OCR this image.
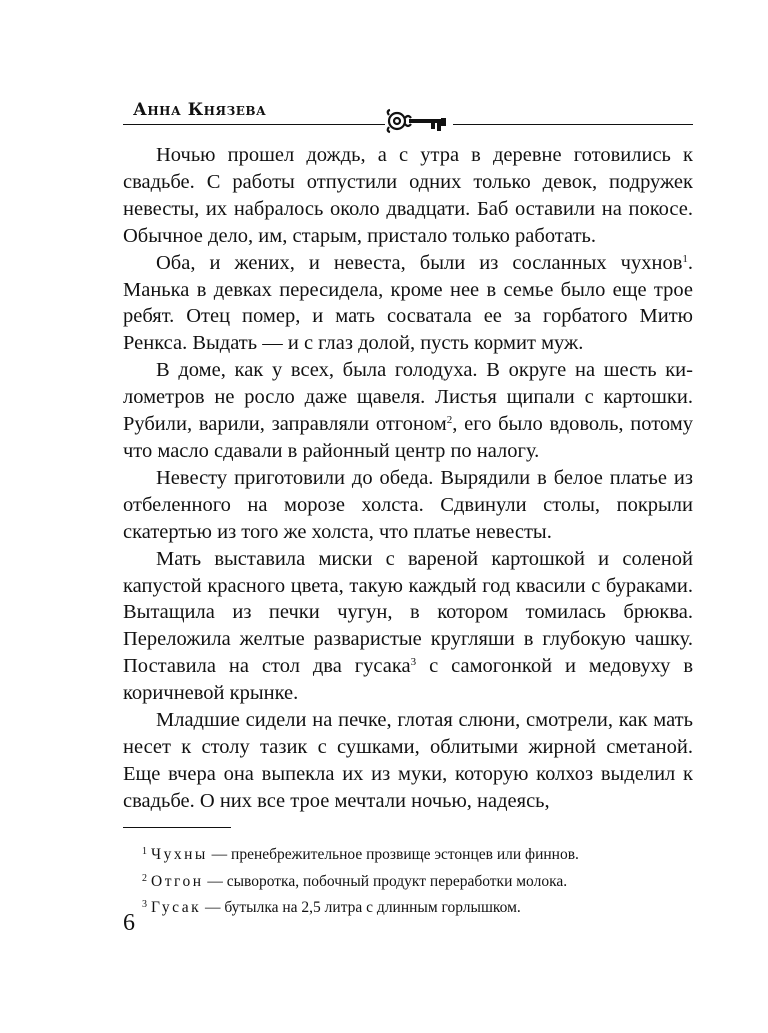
Анна Князева

Ночью прошел дождь, а с утра в деревне готовились к свадьбе. С работы отпустили одних только девок, подружек невесты, их набралось около двадцати. Баб оставили на покосе. Обычное дело, им, старым, пристало только работать.

Оба, и жених, и невеста, были из сосланных чухнов$^1$. Манька в девках пересидела, кроме нее в семье было еще трое ребят. Отец помер, и мать сосватала ее за горбатого Митю Ренкса. Выдать — и с глаз долой, пусть кормит муж.

В доме, как у всех, была голодуха. В округе на шесть километров не росло даже щавеля. Листья щипали с картошки. Рубили, варили, заправляли отгоном$^2$, его было вдоволь, потому что масло сдавали в районный центр по налогу.

Невесту приготовили до обеда. Вырядили в белое платье из отбеленного на морозе холста. Сдвинули столы, покрыли скатертью из того же холста, что платье невесты.

Мать выставила миски с вареной картошкой и соленой капустой красного цвета, такую каждый год квасили с бураками. Вытащила из печки чугун, в котором томилась брюква. Переложила желтые разваристые кругляши в глубокую чашку. Поставила на стол два гусака$^3$ с самогонкой и медовуху в коричневой крынке.

Младшие сидели на печке, глотая слюни, смотрели, как мать несет к столу тазик с сушками, облитыми жирной сметаной. Еще вчера она выпекла их из муки, которую колхоз выделил к свадьбе. О них все трое мечтали ночью, надеясь,

$^1$ Чухны — пренебрежительное прозвище эстонцев или финнов.
$^2$ Отгон — сыворотка, побочный продукт переработки молока.
$^3$ Гусак — бутылка на 2,5 литра с длинным горлышком.
6
